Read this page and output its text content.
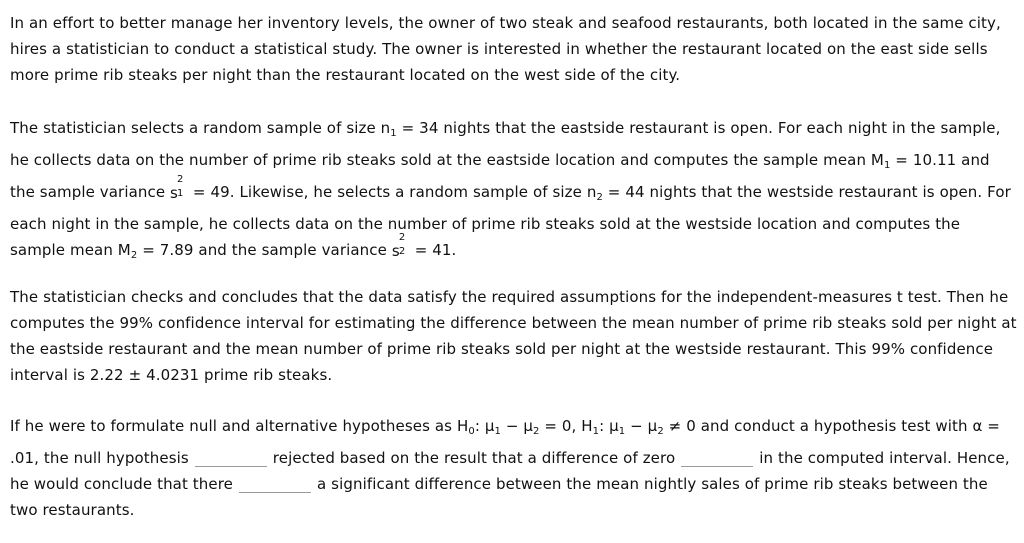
In an effort to better manage her inventory levels, the owner of two steak and seafood restaurants, both located in the same city, hires a statistician to conduct a statistical study. The owner is interested in whether the restaurant located on the east side sells more prime rib steaks per night than the restaurant located on the west side of the city.

The statistician selects a random sample of size $n_1 = 34$ nights that the eastside restaurant is open. For each night in the sample, he collects data on the number of prime rib steaks sold at the eastside location and computes the sample mean $M_1 = 10.11$ and the sample variance s
2
1 = 49. Likewise, he selects a random sample of size $n_2 = 44$ nights that the westside restaurant is open. For each night in the sample, he collects data on the number of prime rib steaks sold at the westside location and computes the sample mean $M_2 = 7.89$ and the sample variance s
2
2 = 41.

The statistician checks and concludes that the data satisfy the required assumptions for the independent-measures t test. Then he computes the 99% confidence interval for estimating the difference between the mean number of prime rib steaks sold per night at the eastside restaurant and the mean number of prime rib steaks sold per night at the westside restaurant. This 99% confidence interval is 2.22 ± 4.0231 prime rib steaks.

If he were to formulate null and alternative hypotheses as $H_0$: $\mu_1 - \mu_2 = 0$, $H_1$: $\mu_1 - \mu_2 \ne 0$ and conduct a hypothesis test with α = .01, the null hypothesis	rejected based on the result that a difference of zero	in the computed interval. Hence, he would conclude that there	a significant difference between the mean nightly sales of prime rib steaks between the two restaurants.
